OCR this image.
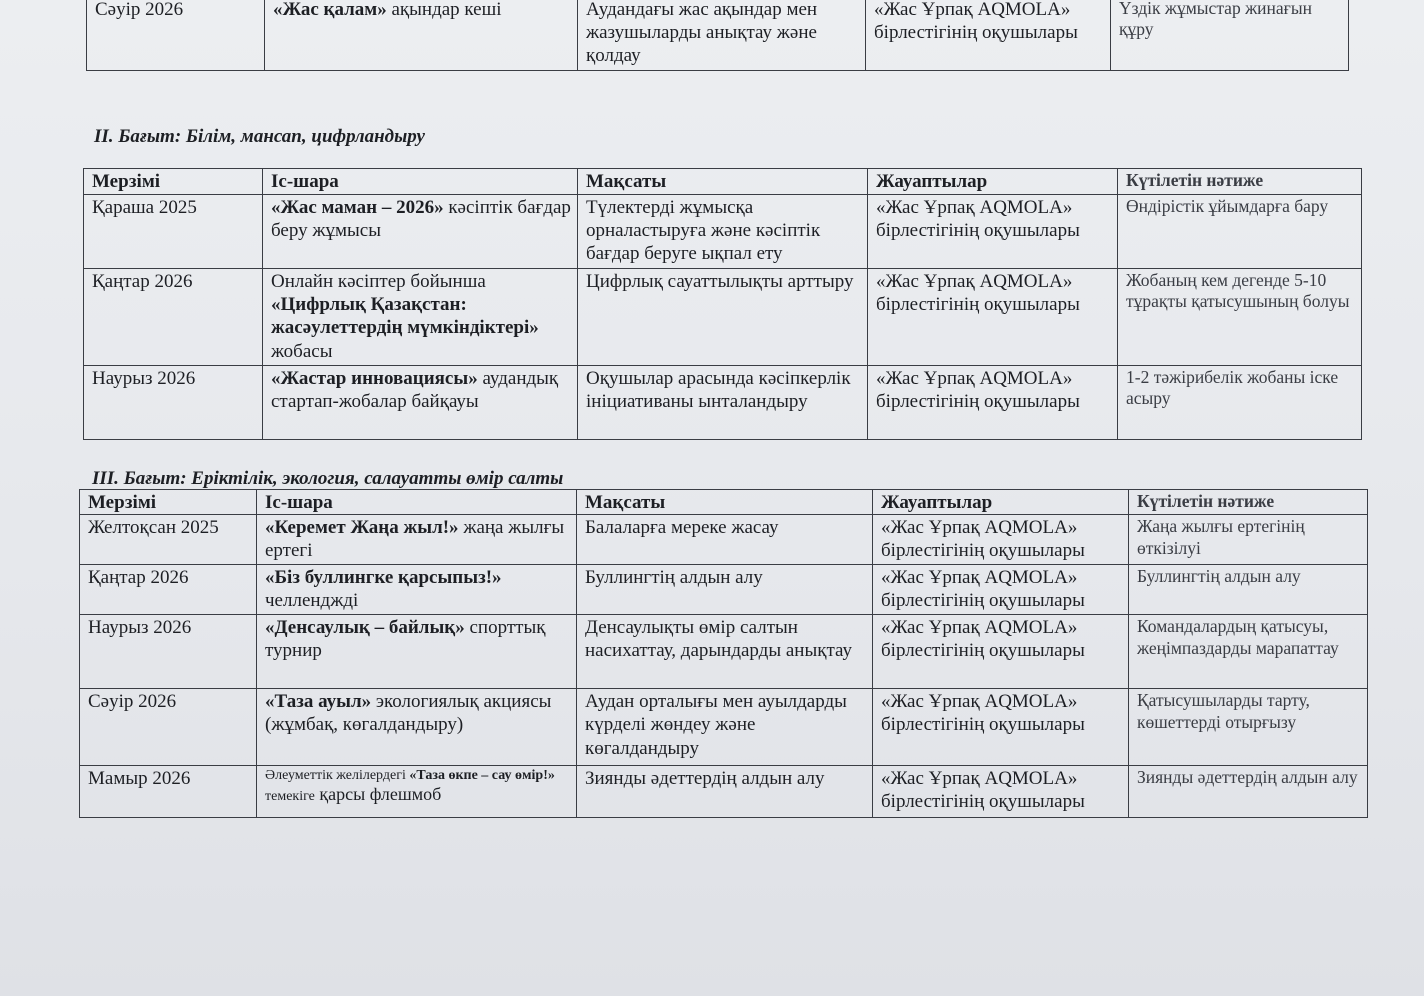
Сәуір 2026	«Жас қалам» ақындар кеші	Аудандағы жас ақындар мен жазушыларды анықтау және қолдау	«Жас Ұрпақ AQMOLA» бірлестігінің оқушылары	Үздік жұмыстар жинағын құру
II. Бағыт: Білім, мансап, цифрландыру
Мерзімі	Іс-шара	Мақсаты	Жауаптылар	Күтілетін нәтиже
Қараша 2025	«Жас маман – 2026» кәсіптік бағдар беру жұмысы	Түлектерді жұмысқа орналастыруға және кәсіптік бағдар беруге ықпал ету	«Жас Ұрпақ AQMOLA» бірлестігінің оқушылары	Өндірістік ұйымдарға бару
Қаңтар 2026	Онлайн кәсіптер бойынша «Цифрлық Қазақстан: жасәулеттердің мүмкіндіктері» жобасы	Цифрлық сауаттылықты арттыру	«Жас Ұрпақ AQMOLA» бірлестігінің оқушылары	Жобаның кем дегенде 5-10 тұрақты қатысушының болуы
Наурыз 2026	«Жастар инновациясы» аудандық стартап-жобалар байқауы	Оқушылар арасында кәсіпкерлік ініциативаны ынталандыру	«Жас Ұрпақ AQMOLA» бірлестігінің оқушылары	1-2 тәжірибелік жобаны іске асыру
III. Бағыт: Еріктілік, экология, салауатты өмір салты
Мерзімі	Іс-шара	Мақсаты	Жауаптылар	Күтілетін нәтиже
Желтоқсан 2025	«Керемет Жаңа жыл!» жаңа жылғы ертегі	Балаларға мереке жасау	«Жас Ұрпақ AQMOLA» бірлестігінің оқушылары	Жаңа жылғы ертегінің өткізілуі
Қаңтар 2026	«Біз буллингке қарсыпыз!» челленджді	Буллингтің алдын алу	«Жас Ұрпақ AQMOLA» бірлестігінің оқушылары	Буллингтің алдын алу
Наурыз 2026	«Денсаулық – байлық» спорттық турнир	Денсаулықты өмір салтын насихаттау, дарындарды анықтау	«Жас Ұрпақ AQMOLA» бірлестігінің оқушылары	Командалардың қатысуы, жеңімпаздарды марапаттау
Сәуір 2026	«Таза ауыл» экологиялық акциясы (жұмбақ, көгалдандыру)	Аудан орталығы мен ауылдарды күрделі жөндеу және көгалдандыру	«Жас Ұрпақ AQMOLA» бірлестігінің оқушылары	Қатысушыларды тарту, көшеттерді отырғызу
Мамыр 2026	Әлеуметтік желілердегі «Таза өкпе – сау өмір!» темекіге қарсы флешмоб	Зиянды әдеттердің алдын алу	«Жас Ұрпақ AQMOLA» бірлестігінің оқушылары	Зиянды әдеттердің алдын алу
